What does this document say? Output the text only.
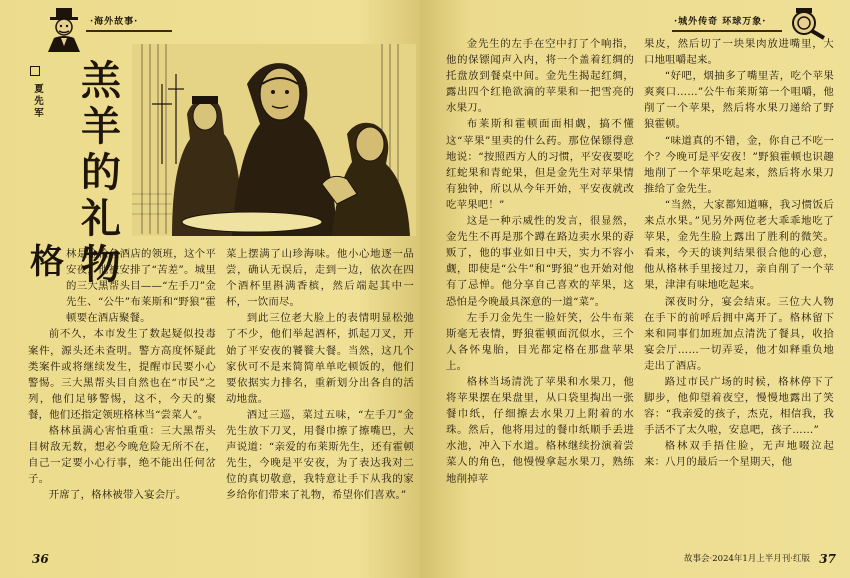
·海外故事·
夏先军
羔羊的礼物
格 林是金枪鱼酒店的领班，这个平安夜，他被安排了“苦差”。城里的三大黑帮头目——“左手刀”金先生、“公牛”布莱斯和“野狼”霍顿要在酒店聚餐。

前不久，本市发生了数起疑似投毒案件，源头还未查明。警方高度怀疑此类案件或将继续发生，提醒市民要小心警惕。三大黑帮头目自然也在“市民”之列，他们足够警惕，这不，今天的聚餐，他们还指定领班格林当“尝菜人”。

格林虽满心害怕重重：三大黑帮头目树敌无数，想必今晚危险无所不在，自己一定要小心行事，绝不能出任何岔子。

开席了，格林被带入宴会厅。

菜上摆满了山珍海味。他小心地逐一品尝，确认无误后，走到一边，依次在四个酒杯里斟满香槟，然后端起其中一杯，一饮而尽。

到此三位老大脸上的表情明显松弛了不少，他们举起酒杯，抓起刀叉，开始了平安夜的饕餮大餐。当然，这几个家伙可不是来简简单单吃顿饭的，他们要依据实力排名，重新划分出各自的活动地盘。

酒过三巡，菜过五味，“左手刀”金先生放下刀叉，用餐巾擦了擦嘴巴，大声说道：“亲爱的布莱斯先生，还有霍顿先生，今晚是平安夜，为了表达我对二位的真切敬意，我特意让手下从我的家乡给你们带来了礼物，希望你们喜欢。”

36
·城外传奇 环球万象·

金先生的左手在空中打了个响指，他的保镖闻声入内，将一个盖着红绸的托盘放到餐桌中间。金先生揭起红绸，露出四个红艳欲滴的苹果和一把雪亮的水果刀。

布莱斯和霍顿面面相觑，搞不懂这“苹果”里卖的什么药。那位保镖得意地说：“按照西方人的习惯，平安夜要吃红蛇果和青蛇果，但是金先生对苹果情有独钟，所以从今年开始，平安夜就改吃苹果吧！”

这是一种示威性的发言，很显然，金先生不再是那个蹲在路边卖水果的孬贩了，他的事业如日中天，实力不容小觑，即使是“公牛”和“野狼”也开始对他有了忌惮。他分享自己喜欢的苹果，这恐怕是今晚最具深意的一道“菜”。

左手刀金先生一脸奸笑，公牛布莱斯毫无表情，野狼霍顿面沉似水，三个人各怀鬼胎，目光都定格在那盘苹果上。

格林当场清洗了苹果和水果刀，他将苹果摆在果盘里，从口袋里掏出一张餐巾纸，仔细擦去水果刀上附着的水珠。然后，他将用过的餐巾纸顺手丢进水池，冲入下水道。格林继续扮演着尝菜人的角色，他慢慢拿起水果刀，熟练地削掉苹

果皮，然后切了一块果肉放进嘴里，大口地咀嚼起来。

“好吧，烟抽多了嘴里苦，吃个苹果爽爽口……”公牛布莱斯第一个咀嚼，他削了一个苹果，然后将水果刀递给了野狼霍顿。

“味道真的不错，金，你自己不吃一个？今晚可是平安夜！”野狼霍顿也识趣地削了一个苹果吃起来，然后将水果刀推给了金先生。

“当然，大家都知道嘛，我习惯饭后来点水果。”见另外两位老大乖乖地吃了苹果，金先生脸上露出了胜利的微笑。看来，今天的谈判结果很合他的心意，他从格林手里接过刀，亲自削了一个苹果，津津有味地吃起来。

深夜时分，宴会结束。三位大人物在手下的前呼后拥中离开了。格林留下来和同事们加班加点清洗了餐具，收拾宴会厅……一切弄妥，他才如释重负地走出了酒店。

路过市民广场的时候，格林停下了脚步，他仰望着夜空，慢慢地露出了笑容：“我亲爱的孩子，杰克，相信我，我手活不了太久啦，安息吧，孩子……”

格林双手捂住脸，无声地啜泣起来：八月的最后一个星期天，他

故事会·2024年1月上半月刊·红版 37
